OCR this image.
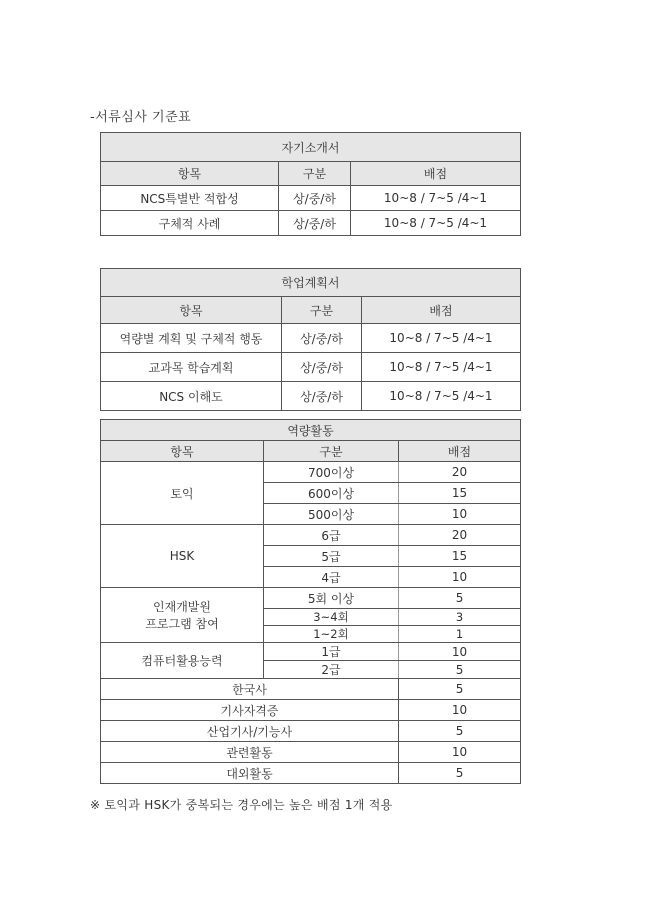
-서류심사 기준표
자기소개서		
항목	구분	배점
NCS특별반 적합성	상/중/하	10~8 / 7~5 /4~1
구체적 사례	상/중/하	10~8 / 7~5 /4~1
학업계획서		
항목	구분	배점
역량별 계획 및 구체적 행동	상/중/하	10~8 / 7~5 /4~1
교과목 학습계획	상/중/하	10~8 / 7~5 /4~1
NCS 이해도	상/중/하	10~8 / 7~5 /4~1
역량활동		
항목	구분	배점
토익	700이상	20
	600이상	15
	500이상	10
HSK	6급	20
	5급	15
	4급	10

인재개발원
프로그램 참여	5회 이상	5
	3~4회	3
	1~2회	1
컴퓨터활용능력	1급	10
	2급	5
한국사		5
기사자격증		10
산업기사/기능사		5
관련활동		10
대외활동		5
※ 토익과 HSK가 중복되는 경우에는 높은 배점 1개 적용
